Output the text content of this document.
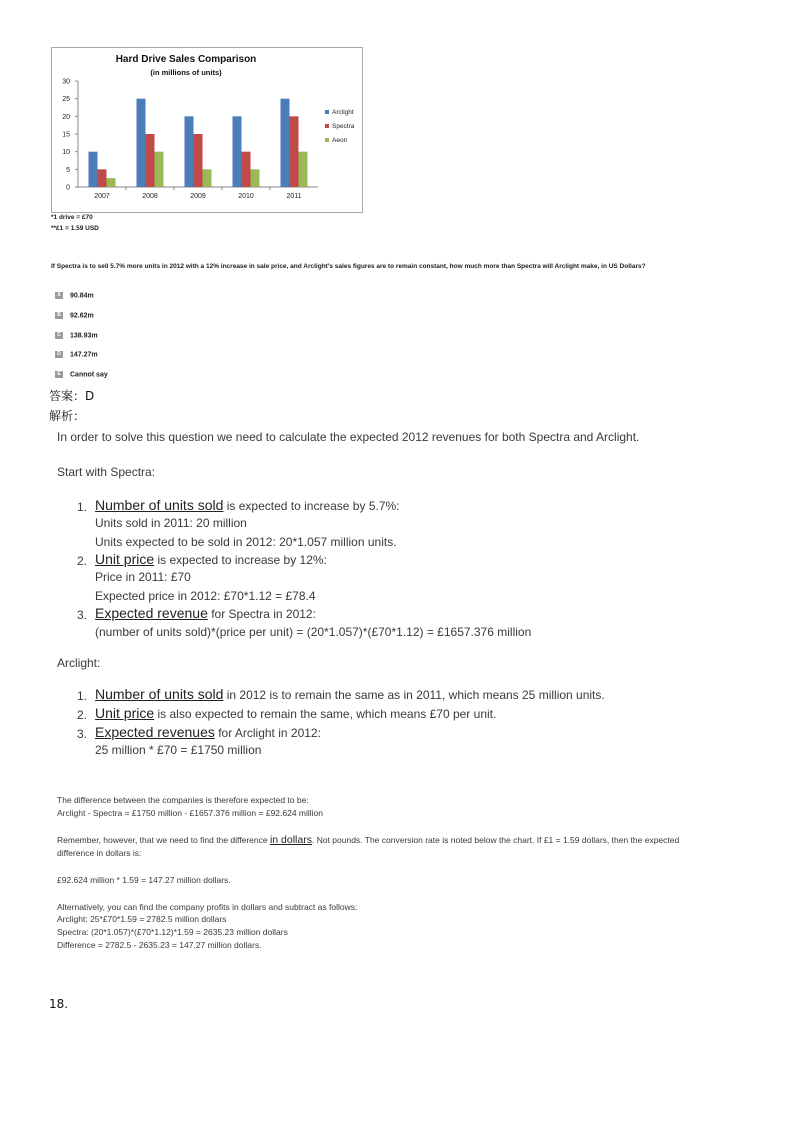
Hard Drive Sales Comparison
(in millions of units)
0
5
10
15
20
25
30
2007	2008	2009	2010	2011
Arclight
Spectra
Aeon
*1 drive = £70
**£1 = 1.59 USD
If Spectra is to sell 5.7% more units in 2012 with a 12% increase in sale price, and Arclight's sales figures are to remain constant, how much more than Spectra will Arclight make, in US Dollars?
A 90.84m
B 92.62m
C 138.93m
D 147.27m
E Cannot say
答案：D
解析：
In order to solve this question we need to calculate the expected 2012 revenues for both Spectra and Arclight.
Start with Spectra:
1. Number of units sold is expected to increase by 5.7%:
Units sold in 2011: 20 million
Units expected to be sold in 2012: 20*1.057 million units.
2. Unit price is expected to increase by 12%:
Price in 2011: £70
Expected price in 2012: £70*1.12 = £78.4
3. Expected revenue for Spectra in 2012:
(number of units sold)*(price per unit) = (20*1.057)*(£70*1.12) = £1657.376 million
Arclight:
1. Number of units sold in 2012 is to remain the same as in 2011, which means 25 million units.
2. Unit price is also expected to remain the same, which means £70 per unit.
3. Expected revenues for Arclight in 2012:
25 million * £70 = £1750 million
The difference between the companies is therefore expected to be:
Arclight - Spectra = £1750 million - £1657.376 million = £92.624 million
Remember, however, that we need to find the difference in dollars. Not pounds. The conversion rate is noted below the chart. If £1 = 1.59 dollars, then the expected
difference in dollars is:
£92.624 million * 1.59 = 147.27 million dollars.
Alternatively, you can find the company profits in dollars and subtract as follows:
Arclight: 25*£70*1.59 = 2782.5 million dollars
Spectra: (20*1.057)*(£70*1.12)*1.59 = 2635.23 million dollars
Difference = 2782.5 - 2635.23 = 147.27 million dollars.
18.
